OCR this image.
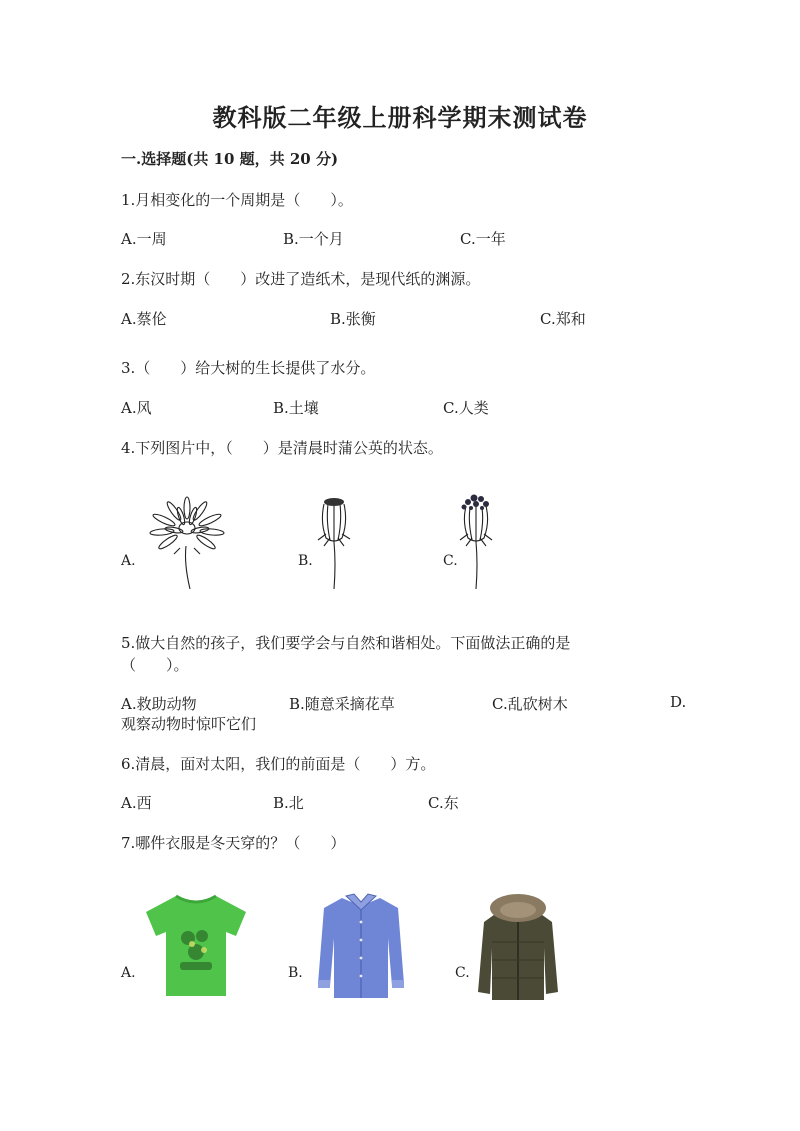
教科版二年级上册科学期末测试卷
一.选择题(共 10 题，共 20 分)
1.月相变化的一个周期是（　　）。
A.一周	B.一个月	C.一年
2.东汉时期（　　）改进了造纸术，是现代纸的渊源。
A.蔡伦	B.张衡	C.郑和
3.（　　）给大树的生长提供了水分。
A.风	B.土壤	C.人类
4.下列图片中，（　　）是清晨时蒲公英的状态。
A.	B.	C.
5.做大自然的孩子，我们要学会与自然和谐相处。下面做法正确的是
（　　）。
A.救助动物	B.随意采摘花草	C.乱砍树木	D.
观察动物时惊吓它们
6.清晨，面对太阳，我们的前面是（　　）方。
A.西	B.北	C.东
7.哪件衣服是冬天穿的？（　　）
A.	B.	C.
